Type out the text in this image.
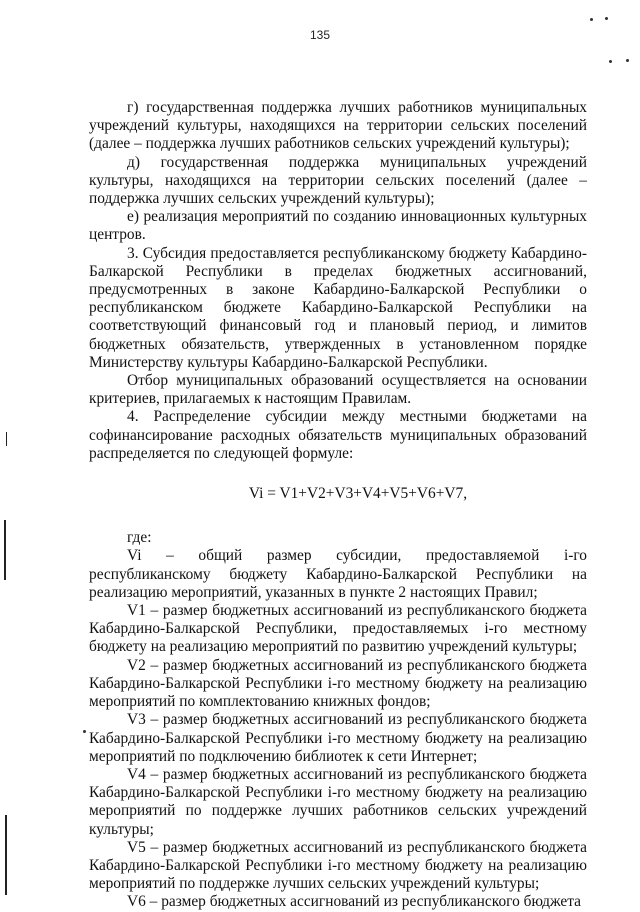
135

г) государственная поддержка лучших работников муниципальных учреждений культуры, находящихся на территории сельских поселений (далее – поддержка лучших работников сельских учреждений культуры);

д) государственная поддержка муниципальных учреждений культуры, находящихся на территории сельских поселений (далее – поддержка лучших сельских учреждений культуры);

е) реализация мероприятий по созданию инновационных культурных центров.

3. Субсидия предоставляется республиканскому бюджету Кабардино-Балкарской Республики в пределах бюджетных ассигнований, предусмотренных в законе Кабардино-Балкарской Республики о республиканском бюджете Кабардино-Балкарской Республики на соответствующий финансовый год и плановый период, и лимитов бюджетных обязательств, утвержденных в установленном порядке Министерству культуры Кабардино-Балкарской Республики.

Отбор муниципальных образований осуществляется на основании критериев, прилагаемых к настоящим Правилам.

4. Распределение субсидии между местными бюджетами на софинансирование расходных обязательств муниципальных образований распределяется по следующей формуле:

Vi = V1+V2+V3+V4+V5+V6+V7,

где:

Vi – общий размер субсидии, предоставляемой i-го республиканскому бюджету Кабардино-Балкарской Республики на реализацию мероприятий, указанных в пункте 2 настоящих Правил;

V1 – размер бюджетных ассигнований из республиканского бюджета Кабардино-Балкарской Республики, предоставляемых i-го местному бюджету на реализацию мероприятий по развитию учреждений культуры;

V2 – размер бюджетных ассигнований из республиканского бюджета Кабардино-Балкарской Республики i-го местному бюджету на реализацию мероприятий по комплектованию книжных фондов;

V3 – размер бюджетных ассигнований из республиканского бюджета Кабардино-Балкарской Республики i-го местному бюджету на реализацию мероприятий по подключению библиотек к сети Интернет;

V4 – размер бюджетных ассигнований из республиканского бюджета Кабардино-Балкарской Республики i-го местному бюджету на реализацию мероприятий по поддержке лучших работников сельских учреждений культуры;

V5 – размер бюджетных ассигнований из республиканского бюджета Кабардино-Балкарской Республики i-го местному бюджету на реализацию мероприятий по поддержке лучших сельских учреждений культуры;

V6 – размер бюджетных ассигнований из республиканского бюджета
